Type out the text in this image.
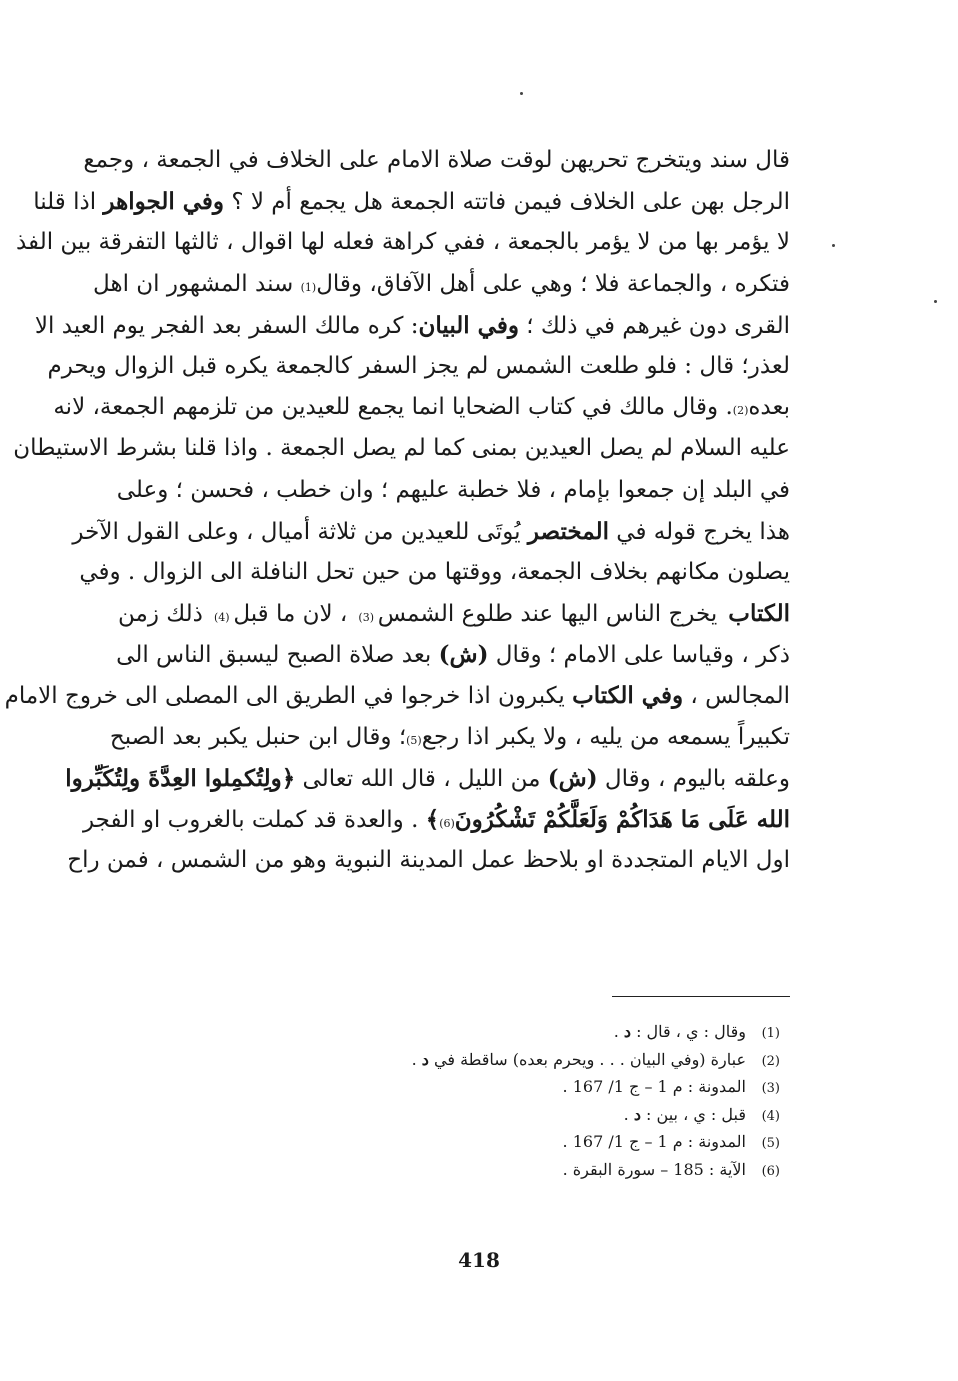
قال سند ويتخرج تحريهن لوقت صلاة الامام على الخلاف في الجمعة ، وجمع
الرجل بهن على الخلاف فيمن فاتته الجمعة هل يجمع أم لا ؟
وفي الجواهر
اذا قلنا
لا يؤمر بها من لا يؤمر بالجمعة ، ففي كراهة فعله لها اقوال ، ثالثها التفرقة بين الفذ
فتكره ، والجماعة فلا ؛ وهي على أهل الآفاق، وقال
(1)
سند المشهور ان اهل
القرى دون غيرهم في ذلك ؛
وفي البيان
: كره مالك السفر بعد الفجر يوم العيد الا
لعذر؛ قال : فلو طلعت الشمس لم يجز السفر كالجمعة يكره قبل الزوال ويحرم
بعده
(2)
. وقال مالك في كتاب الضحايا انما يجمع للعيدين من تلزمهم الجمعة، لانه
عليه السلام لم يصل العيدين بمنى كما لم يصل الجمعة . واذا قلنا بشرط الاستيطان
في البلد إن جمعوا بإمام ، فلا خطبة عليهم ؛ وان خطب ، فحسن ؛ وعلى
هذا يخرج قوله في
المختصر
يُوتَى للعيدين من ثلاثة أميال ، وعلى القول الآخر
يصلون مكانهم بخلاف الجمعة، ووقتها من حين تحل النافلة الى الزوال . وفي
الكتاب
يخرج الناس اليها عند طلوع الشمس
(3)
، لان ما قبل
(4)
ذلك زمن
ذكر ، وقياسا على الامام ؛ وقال
(ش)
بعد صلاة الصبح ليسبق الناس الى
المجالس ،
وفي الكتاب
يكبرون اذا خرجوا في الطريق الى المصلى الى خروج الامام
تكبيراً يسمعه من يليه ، ولا يكبر اذا رجع
(5)
؛ وقال ابن حنبل يكبر بعد الصبح
وعلقه باليوم ، وقال
(ش)
من الليل ، قال الله تعالى
﴿ولِتُكمِلوا العِدَّةَ ولِتُكَبِّروا
الله عَلَى مَا هَدَاكُمْ وَلَعَلَّكُمْ تَشْكُرُونَ
(6)
﴾
. والعدة قد كملت بالغروب او الفجر
اول الايام المتجددة او بلاحظ عمل المدينة النبوية وهو من الشمس ، فمن راح
(1)
وقال : ي ، قال : د .
(2)
عبارة (وفي البيان . . . ويحرم بعده) ساقطة في د .
(3)
المدونة : م 1 – ج 1/ 167 .
(4)
قبل : ي ، بين : د .
(5)
المدونة : م 1 – ج 1/ 167 .
(6)
الآية : 185 – سورة البقرة .
418
